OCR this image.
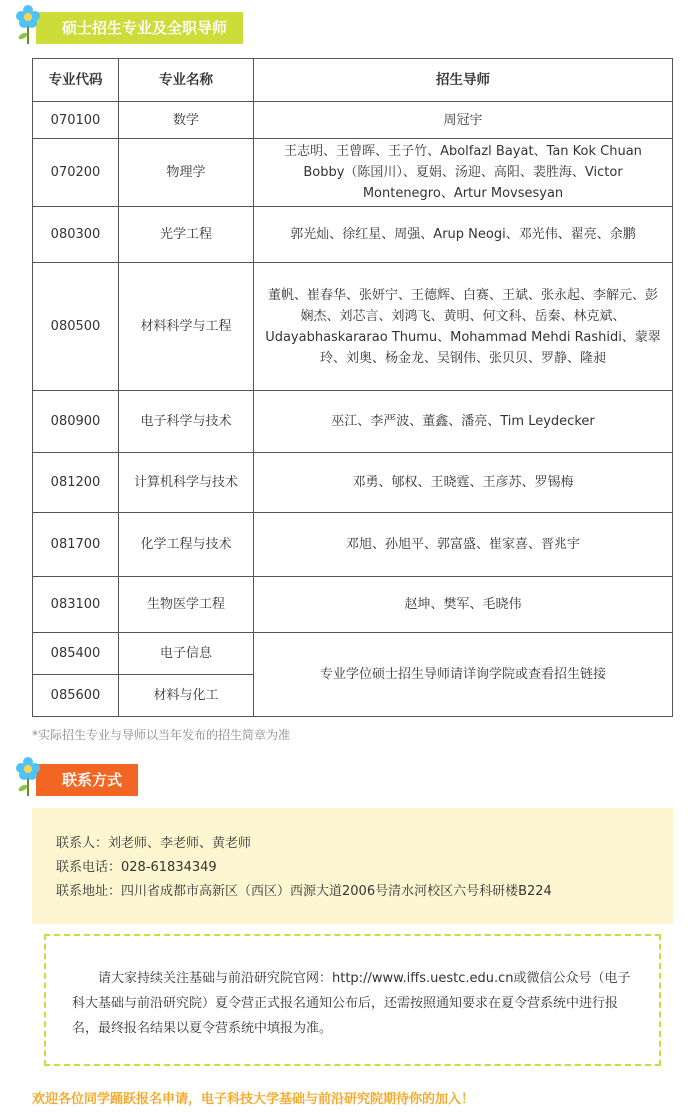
硕士招生专业及全职导师
专业代码	专业名称	招生导师
070100	数学	周冠宇
070200	物理学	王志明、王曾晖、王子竹、Abolfazl Bayat、Tan Kok Chuan Bobby（陈国川）、夏娟、汤迎、高阳、裴胜海、Victor Montenegro、Artur Movsesyan
080300	光学工程	郭光灿、徐红星、周强、Arup Neogi、邓光伟、翟亮、余鹏
080500	材料科学与工程	董帆、崔春华、张妍宁、王德辉、白赛、王斌、张永起、李解元、彭娴杰、刘芯言、刘鸿飞、黄明、何文科、岳秦、林克斌、Udayabhaskararao Thumu、Mohammad Mehdi Rashidi、蒙翠玲、刘奥、杨金龙、吴钢伟、张贝贝、罗静、隆昶
080900	电子科学与技术	巫江、李严波、董鑫、潘亮、Tim Leydecker
081200	计算机科学与技术	邓勇、郇权、王晓霆、王彦苏、罗锡梅
081700	化学工程与技术	邓旭、孙旭平、郭富盛、崔家喜、晋兆宇
083100	生物医学工程	赵坤、樊军、毛晓伟
085400	电子信息	专业学位硕士招生导师请详询学院或查看招生链接
085600	材料与化工	
*实际招生专业与导师以当年发布的招生简章为准
联系方式
联系人：刘老师、李老师、黄老师
联系电话：028-61834349
联系地址：四川省成都市高新区（西区）西源大道2006号清水河校区六号科研楼B224
请大家持续关注基础与前沿研究院官网：http://www.iffs.uestc.edu.cn或微信公众号（电子科大基础与前沿研究院）夏令营正式报名通知公布后，还需按照通知要求在夏令营系统中进行报名，最终报名结果以夏令营系统中填报为准。
欢迎各位同学踊跃报名申请，电子科技大学基础与前沿研究院期待你的加入！
